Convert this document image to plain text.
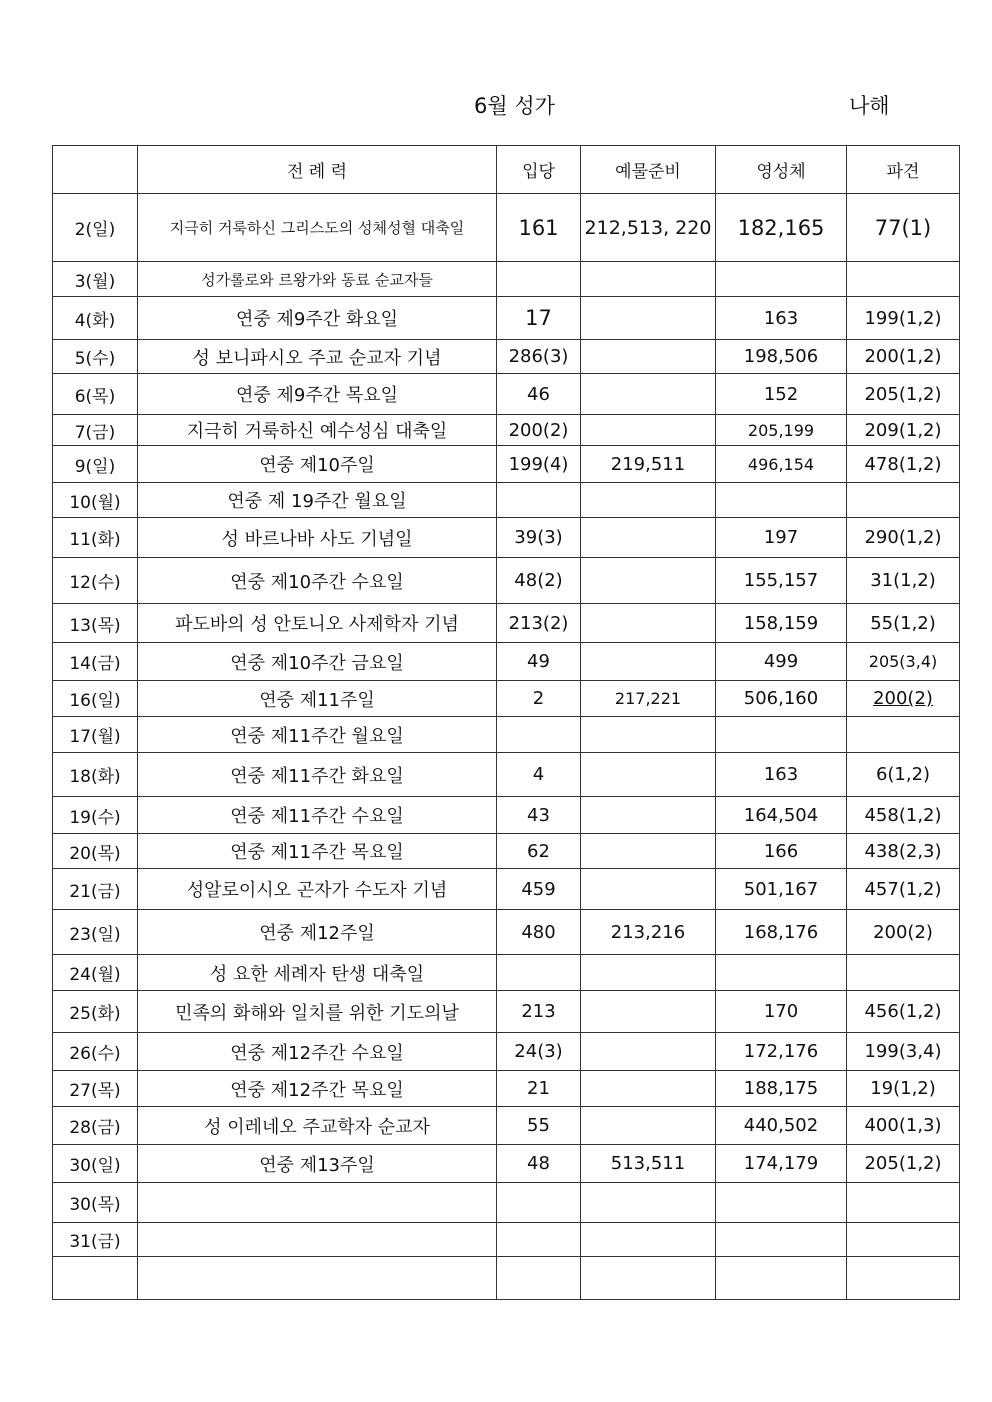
6월 성가	나해
	전 례 력	입당	예물준비	영성체	파견
2(일)	지극히 거룩하신 그리스도의 성체성혈 대축일	161	212,513, 220	182,165	77(1)
3(월)	성가롤로와 르왕가와 동료 순교자들				
4(화)	연중 제9주간 화요일	17		163	199(1,2)
5(수)	성 보니파시오 주교 순교자 기념	286(3)		198,506	200(1,2)
6(목)	연중 제9주간 목요일	46		152	205(1,2)
7(금)	지극히 거룩하신 예수성심 대축일	200(2)		205,199	209(1,2)
9(일)	연중 제10주일	199(4)	219,511	496,154	478(1,2)
10(월)	연중 제 19주간 월요일				
11(화)	성 바르나바 사도 기념일	39(3)		197	290(1,2)
12(수)	연중 제10주간 수요일	48(2)		155,157	31(1,2)
13(목)	파도바의 성 안토니오 사제학자 기념	213(2)		158,159	55(1,2)
14(금)	연중 제10주간 금요일	49		499	205(3,4)
16(일)	연중 제11주일	2	217,221	506,160	200(2)
17(월)	연중 제11주간 월요일				
18(화)	연중 제11주간 화요일	4		163	6(1,2)
19(수)	연중 제11주간 수요일	43		164,504	458(1,2)
20(목)	연중 제11주간 목요일	62		166	438(2,3)
21(금)	성알로이시오 곤자가 수도자 기념	459		501,167	457(1,2)
23(일)	연중 제12주일	480	213,216	168,176	200(2)
24(월)	성 요한 세례자 탄생 대축일				
25(화)	민족의 화해와 일치를 위한 기도의날	213		170	456(1,2)
26(수)	연중 제12주간 수요일	24(3)		172,176	199(3,4)
27(목)	연중 제12주간 목요일	21		188,175	19(1,2)
28(금)	성 이레네오 주교학자 순교자	55		440,502	400(1,3)
30(일)	연중 제13주일	48	513,511	174,179	205(1,2)
30(목)					
31(금)					
